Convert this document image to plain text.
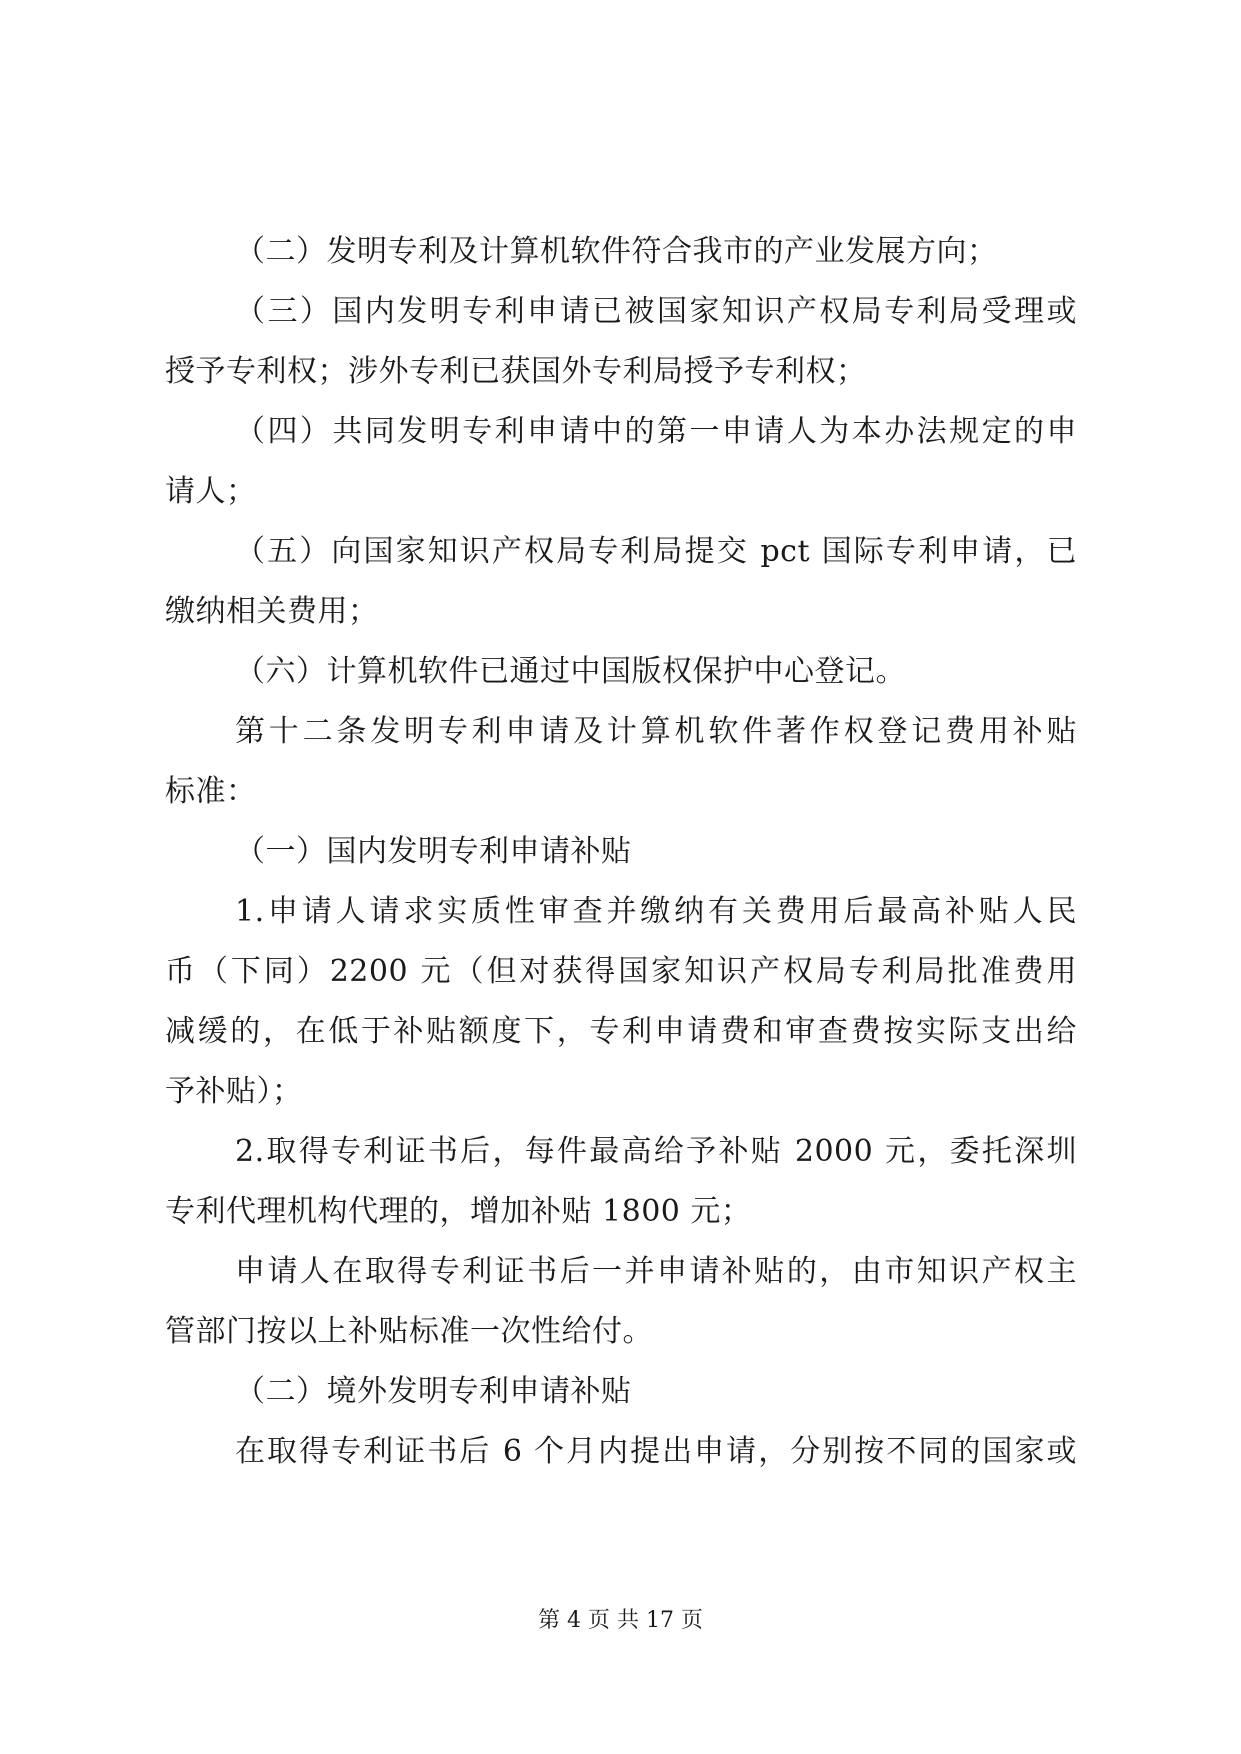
（二）发明专利及计算机软件符合我市的产业发展方向；
（三）国内发明专利申请已被国家知识产权局专利局受理或
授予专利权；涉外专利已获国外专利局授予专利权；
（四）共同发明专利申请中的第一申请人为本办法规定的申
请人；
（五）向国家知识产权局专利局提交 pct 国际专利申请，已
缴纳相关费用；
（六）计算机软件已通过中国版权保护中心登记。
第十二条发明专利申请及计算机软件著作权登记费用补贴
标准：
（一）国内发明专利申请补贴
1.申请人请求实质性审查并缴纳有关费用后最高补贴人民
币（下同）2200 元（但对获得国家知识产权局专利局批准费用
减缓的，在低于补贴额度下，专利申请费和审查费按实际支出给
予补贴）；
2.取得专利证书后，每件最高给予补贴 2000 元，委托深圳
专利代理机构代理的，增加补贴 1800 元；
申请人在取得专利证书后一并申请补贴的，由市知识产权主
管部门按以上补贴标准一次性给付。
（二）境外发明专利申请补贴
在取得专利证书后 6 个月内提出申请，分别按不同的国家或
第 4 页 共 17 页
